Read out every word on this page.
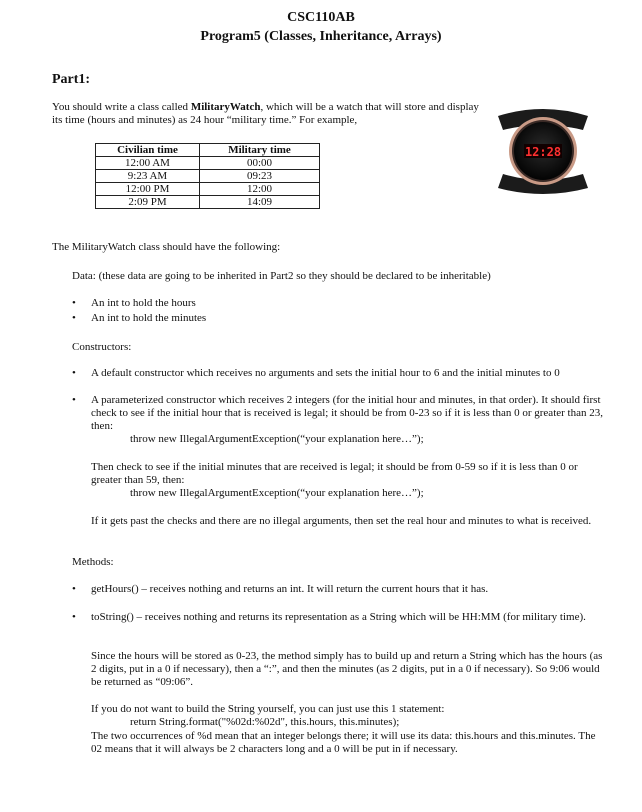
CSC110AB
Program5 (Classes, Inheritance, Arrays)
Part1:
You should write a class called MilitaryWatch, which will be a watch that will store and display its time (hours and minutes) as 24 hour “military time.” For example,
Civilian time	Military time
12:00 AM	00:00
9:23 AM	09:23
12:00 PM	12:00
2:09 PM	14:09
12:28
The MilitaryWatch class should have the following:
Data: (these data are going to be inherited in Part2 so they should be declared to be inheritable)
• An int to hold the hours
• An int to hold the minutes
Constructors:
• A default constructor which receives no arguments and sets the initial hour to 6 and the initial minutes to 0
• A parameterized constructor which receives 2 integers (for the initial hour and minutes, in that order). It should first check to see if the initial hour that is received is legal; it should be from 0-23 so if it is less than 0 or greater than 23, then:
throw new IllegalArgumentException(“your explanation here…”);
Then check to see if the initial minutes that are received is legal; it should be from 0-59 so if it is less than 0 or greater than 59, then:
throw new IllegalArgumentException(“your explanation here…”);
If it gets past the checks and there are no illegal arguments, then set the real hour and minutes to what is received.
Methods:
• getHours() – receives nothing and returns an int. It will return the current hours that it has.
• toString() – receives nothing and returns its representation as a String which will be HH:MM (for military time).
Since the hours will be stored as 0-23, the method simply has to build up and return a String which has the hours (as 2 digits, put in a 0 if necessary), then a “:”, and then the minutes (as 2 digits, put in a 0 if necessary). So 9:06 would be returned as “09:06”.
If you do not want to build the String yourself, you can just use this 1 statement:
return String.format("%02d:%02d", this.hours, this.minutes);
The two occurrences of %d mean that an integer belongs there; it will use its data: this.hours and this.minutes. The 02 means that it will always be 2 characters long and a 0 will be put in if necessary.
